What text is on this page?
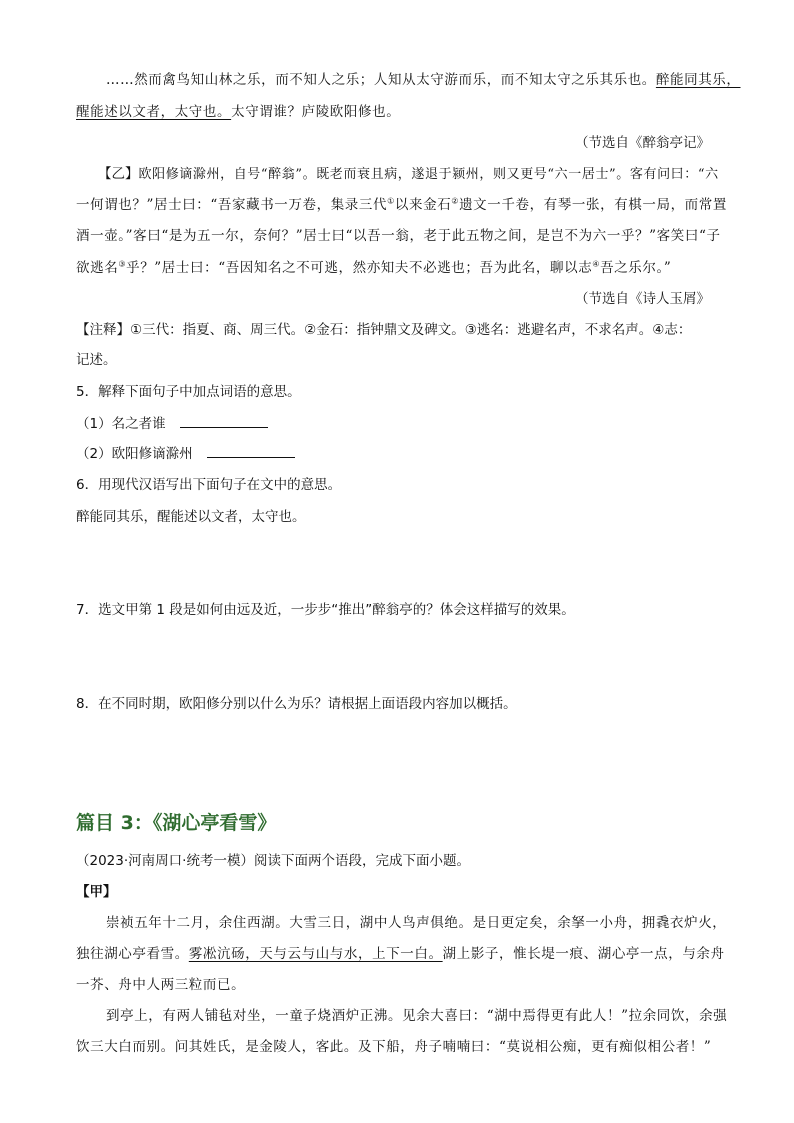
……然而禽鸟知山林之乐，而不知人之乐；人知从太守游而乐，而不知太守之乐其乐也。醉能同其乐，
醒能述以文者，太守也。太守谓谁？庐陵欧阳修也。
（节选自《醉翁亭记》
【乙】欧阳修谪滁州，自号“醉翁”。既老而衰且病，遂退于颍州，则又更号“六一居士”。客有问曰：“六
一何谓也？”居士曰：“吾家藏书一万卷，集录三代①以来金石②遗文一千卷，有琴一张，有棋一局，而常置
酒一壶。”客曰“是为五一尔，奈何？”居士曰“以吾一翁，老于此五物之间，是岂不为六一乎？”客笑曰“子
欲逃名③乎？”居士曰：“吾因知名之不可逃，然亦知夫不必逃也；吾为此名，聊以志④吾之乐尔。”
（节选自《诗人玉屑》
【注释】①三代：指夏、商、周三代。②金石：指钟鼎文及碑文。③逃名：逃避名声，不求名声。④志：
记述。
5．解释下面句子中加点词语的意思。
（1）名之者谁
（2）欧阳修谪滁州
6．用现代汉语写出下面句子在文中的意思。
醉能同其乐，醒能述以文者，太守也。
7．选文甲第 1 段是如何由远及近，一步步“推出”醉翁亭的？体会这样描写的效果。
8．在不同时期，欧阳修分别以什么为乐？请根据上面语段内容加以概括。
篇目 3：《湖心亭看雪》
（2023·河南周口·统考一模）阅读下面两个语段，完成下面小题。
【甲】
崇祯五年十二月，余住西湖。大雪三日，湖中人鸟声俱绝。是日更定矣，余拏一小舟，拥毳衣炉火，
独往湖心亭看雪。雾凇沆砀，天与云与山与水，上下一白。湖上影子，惟长堤一痕、湖心亭一点，与余舟
一芥、舟中人两三粒而已。
到亭上，有两人铺毡对坐，一童子烧酒炉正沸。见余大喜曰：“湖中焉得更有此人！”拉余同饮，余强
饮三大白而别。问其姓氏，是金陵人，客此。及下船，舟子喃喃曰：“莫说相公痴，更有痴似相公者！”
